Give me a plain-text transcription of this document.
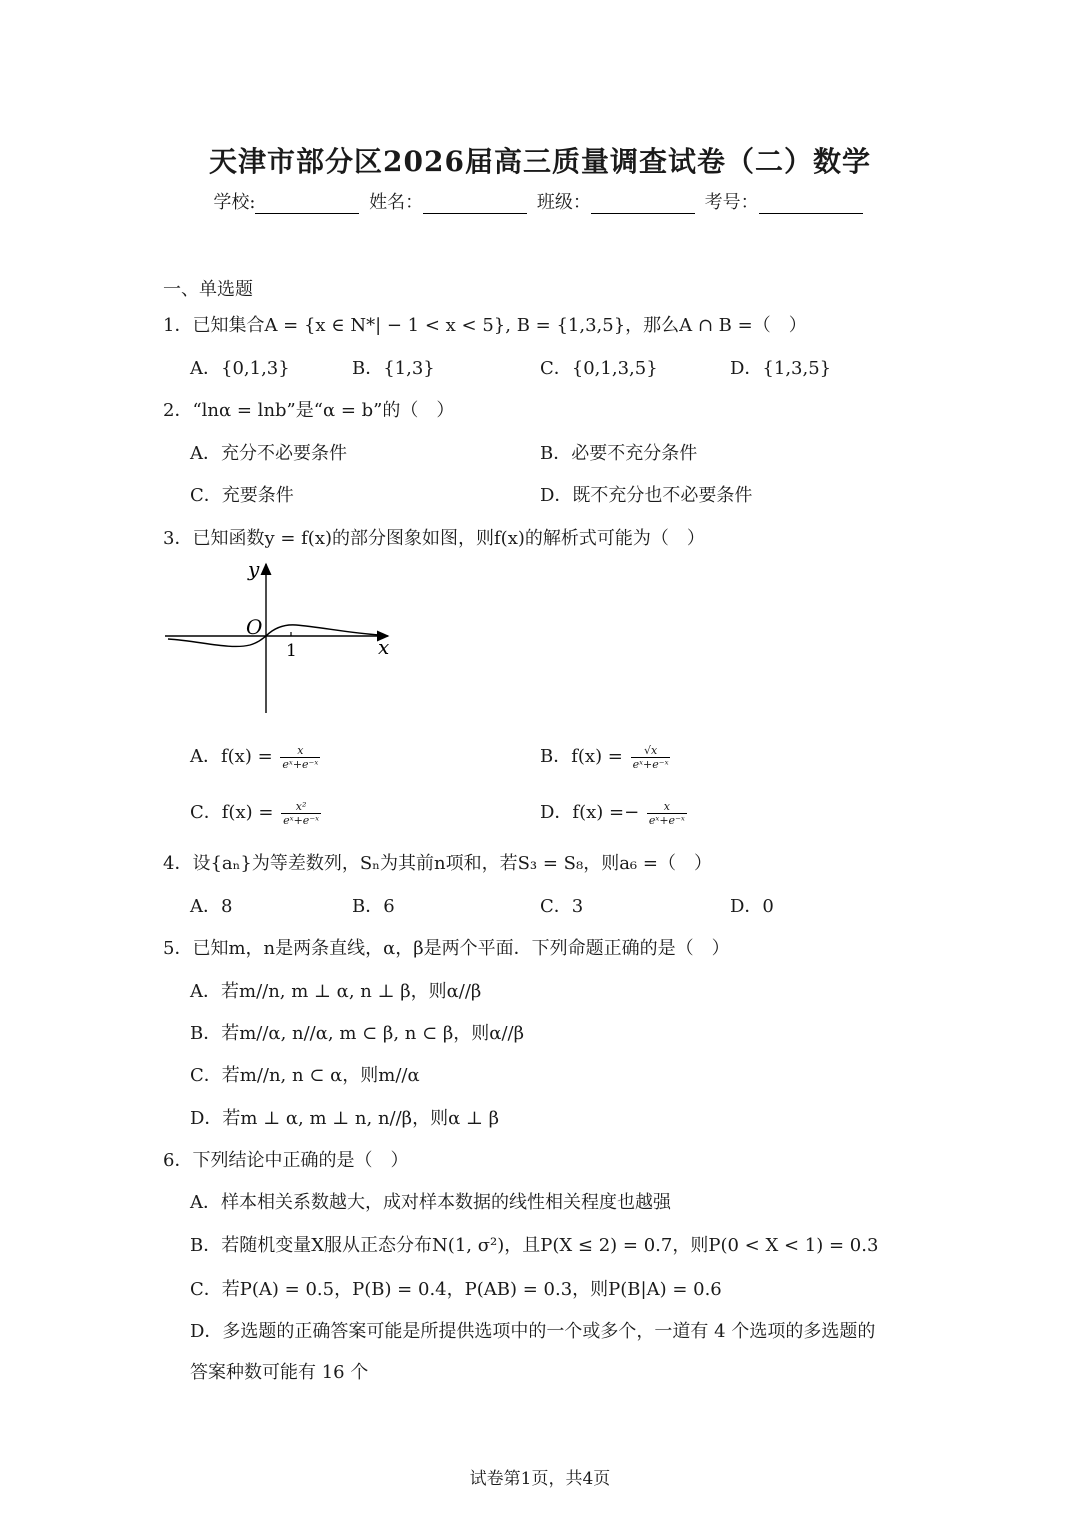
天津市部分区2026届高三质量调查试卷（二）数学
学校:	姓名：	班级：	考号：
一、单选题
1．已知集合A = {x ∈ N*| − 1 < x < 5}, B = {1,3,5}，那么A ∩ B =（　）
A．{0,1,3}	B．{1,3}	C．{0,1,3,5}	D．{1,3,5}
2．“lnα = lnb”是“α = b”的（　）
A．充分不必要条件	B．必要不充分条件
C．充要条件	D．既不充分也不必要条件
3．已知函数y = f(x)的部分图象如图，则f(x)的解析式可能为（　）
y
x
O
1
A．$f(x) = \frac{x}{\text{eˣ+e⁻ˣ}}$	B．$f(x) = \frac{√x}{\text{eˣ+e⁻ˣ}}$
C．$f(x) = \frac{\text{x²}}{\text{eˣ+e⁻ˣ}}$	D．$f(x) =- \frac{x}{\text{eˣ+e⁻ˣ}}$
4．设{aₙ}为等差数列，Sₙ为其前n项和，若S₃ = S₈，则a₆ =（　）
A．8	B．6	C．3	D．0
5．已知m，n是两条直线，α，β是两个平面．下列命题正确的是（　）
A．若m//n, m ⊥ α, n ⊥ β，则α//β
B．若m//α, n//α, m ⊂ β, n ⊂ β，则α//β
C．若m//n, n ⊂ α，则m//α
D．若m ⊥ α, m ⊥ n, n//β，则α ⊥ β
6．下列结论中正确的是（　）
A．样本相关系数越大，成对样本数据的线性相关程度也越强
B．若随机变量X服从正态分布N(1, σ²)，且P(X ≤ 2) = 0.7，则P(0 < X < 1) = 0.3
C．若P(A) = 0.5，P(B) = 0.4，P(AB) = 0.3，则P(B|A) = 0.6
D．多选题的正确答案可能是所提供选项中的一个或多个，一道有 4 个选项的多选题的
答案种数可能有 16 个
试卷第1页，共4页
